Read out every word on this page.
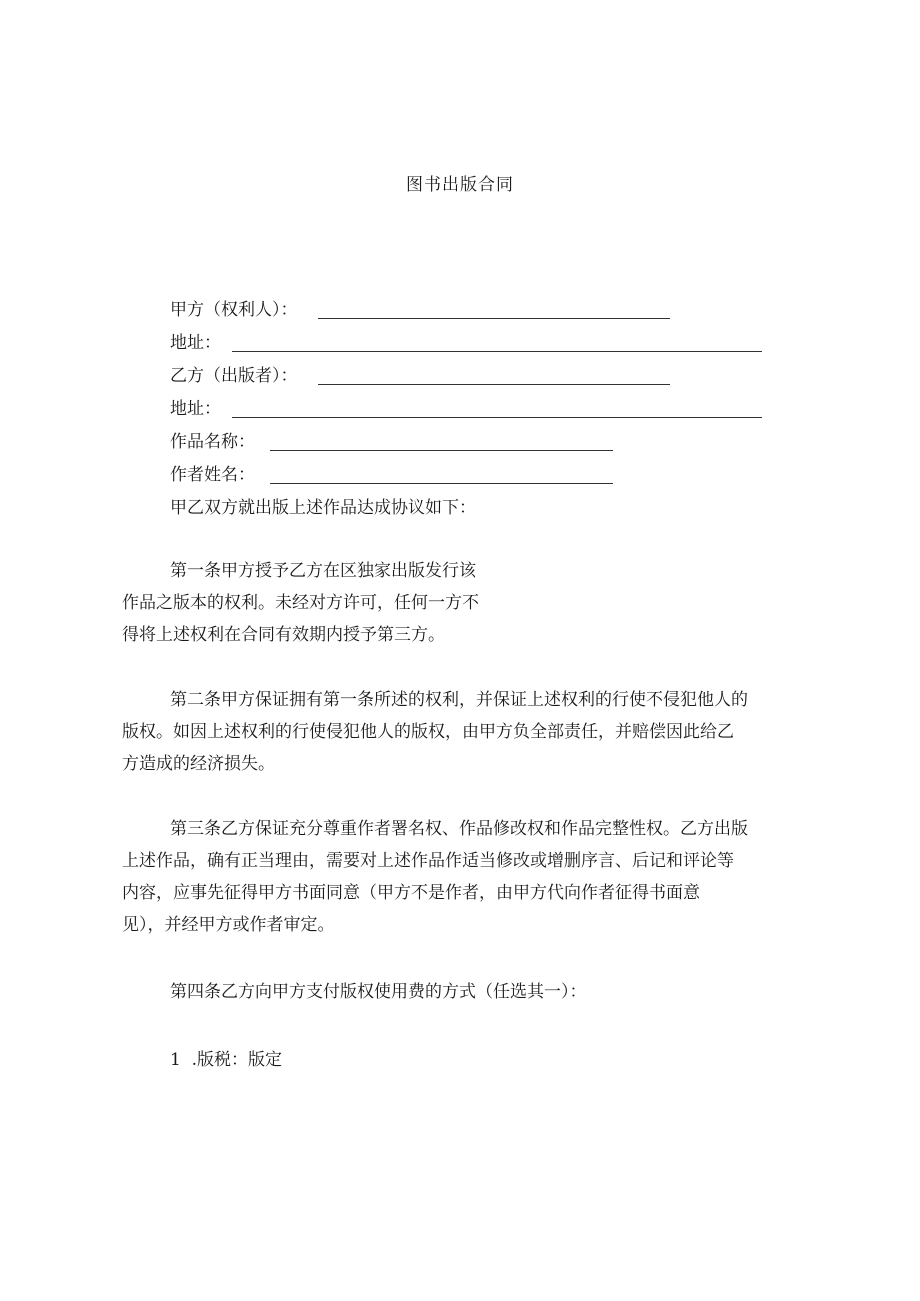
图书出版合同
甲方（权利人）：
地址：
乙方（出版者）：
地址：
作品名称：
作者姓名：
甲乙双方就出版上述作品达成协议如下：
第一条甲方授予乙方在区独家出版发行该
作品之版本的权利。未经对方许可，任何一方不
得将上述权利在合同有效期内授予第三方。
第二条甲方保证拥有第一条所述的权利，并保证上述权利的行使不侵犯他人的
版权。如因上述权利的行使侵犯他人的版权，由甲方负全部责任，并赔偿因此给乙
方造成的经济损失。
第三条乙方保证充分尊重作者署名权、作品修改权和作品完整性权。乙方出版
上述作品，确有正当理由，需要对上述作品作适当修改或增删序言、后记和评论等
内容，应事先征得甲方书面同意（甲方不是作者，由甲方代向作者征得书面意
见），并经甲方或作者审定。
第四条乙方向甲方支付版权使用费的方式（任选其一）：
1  .版税：版定
